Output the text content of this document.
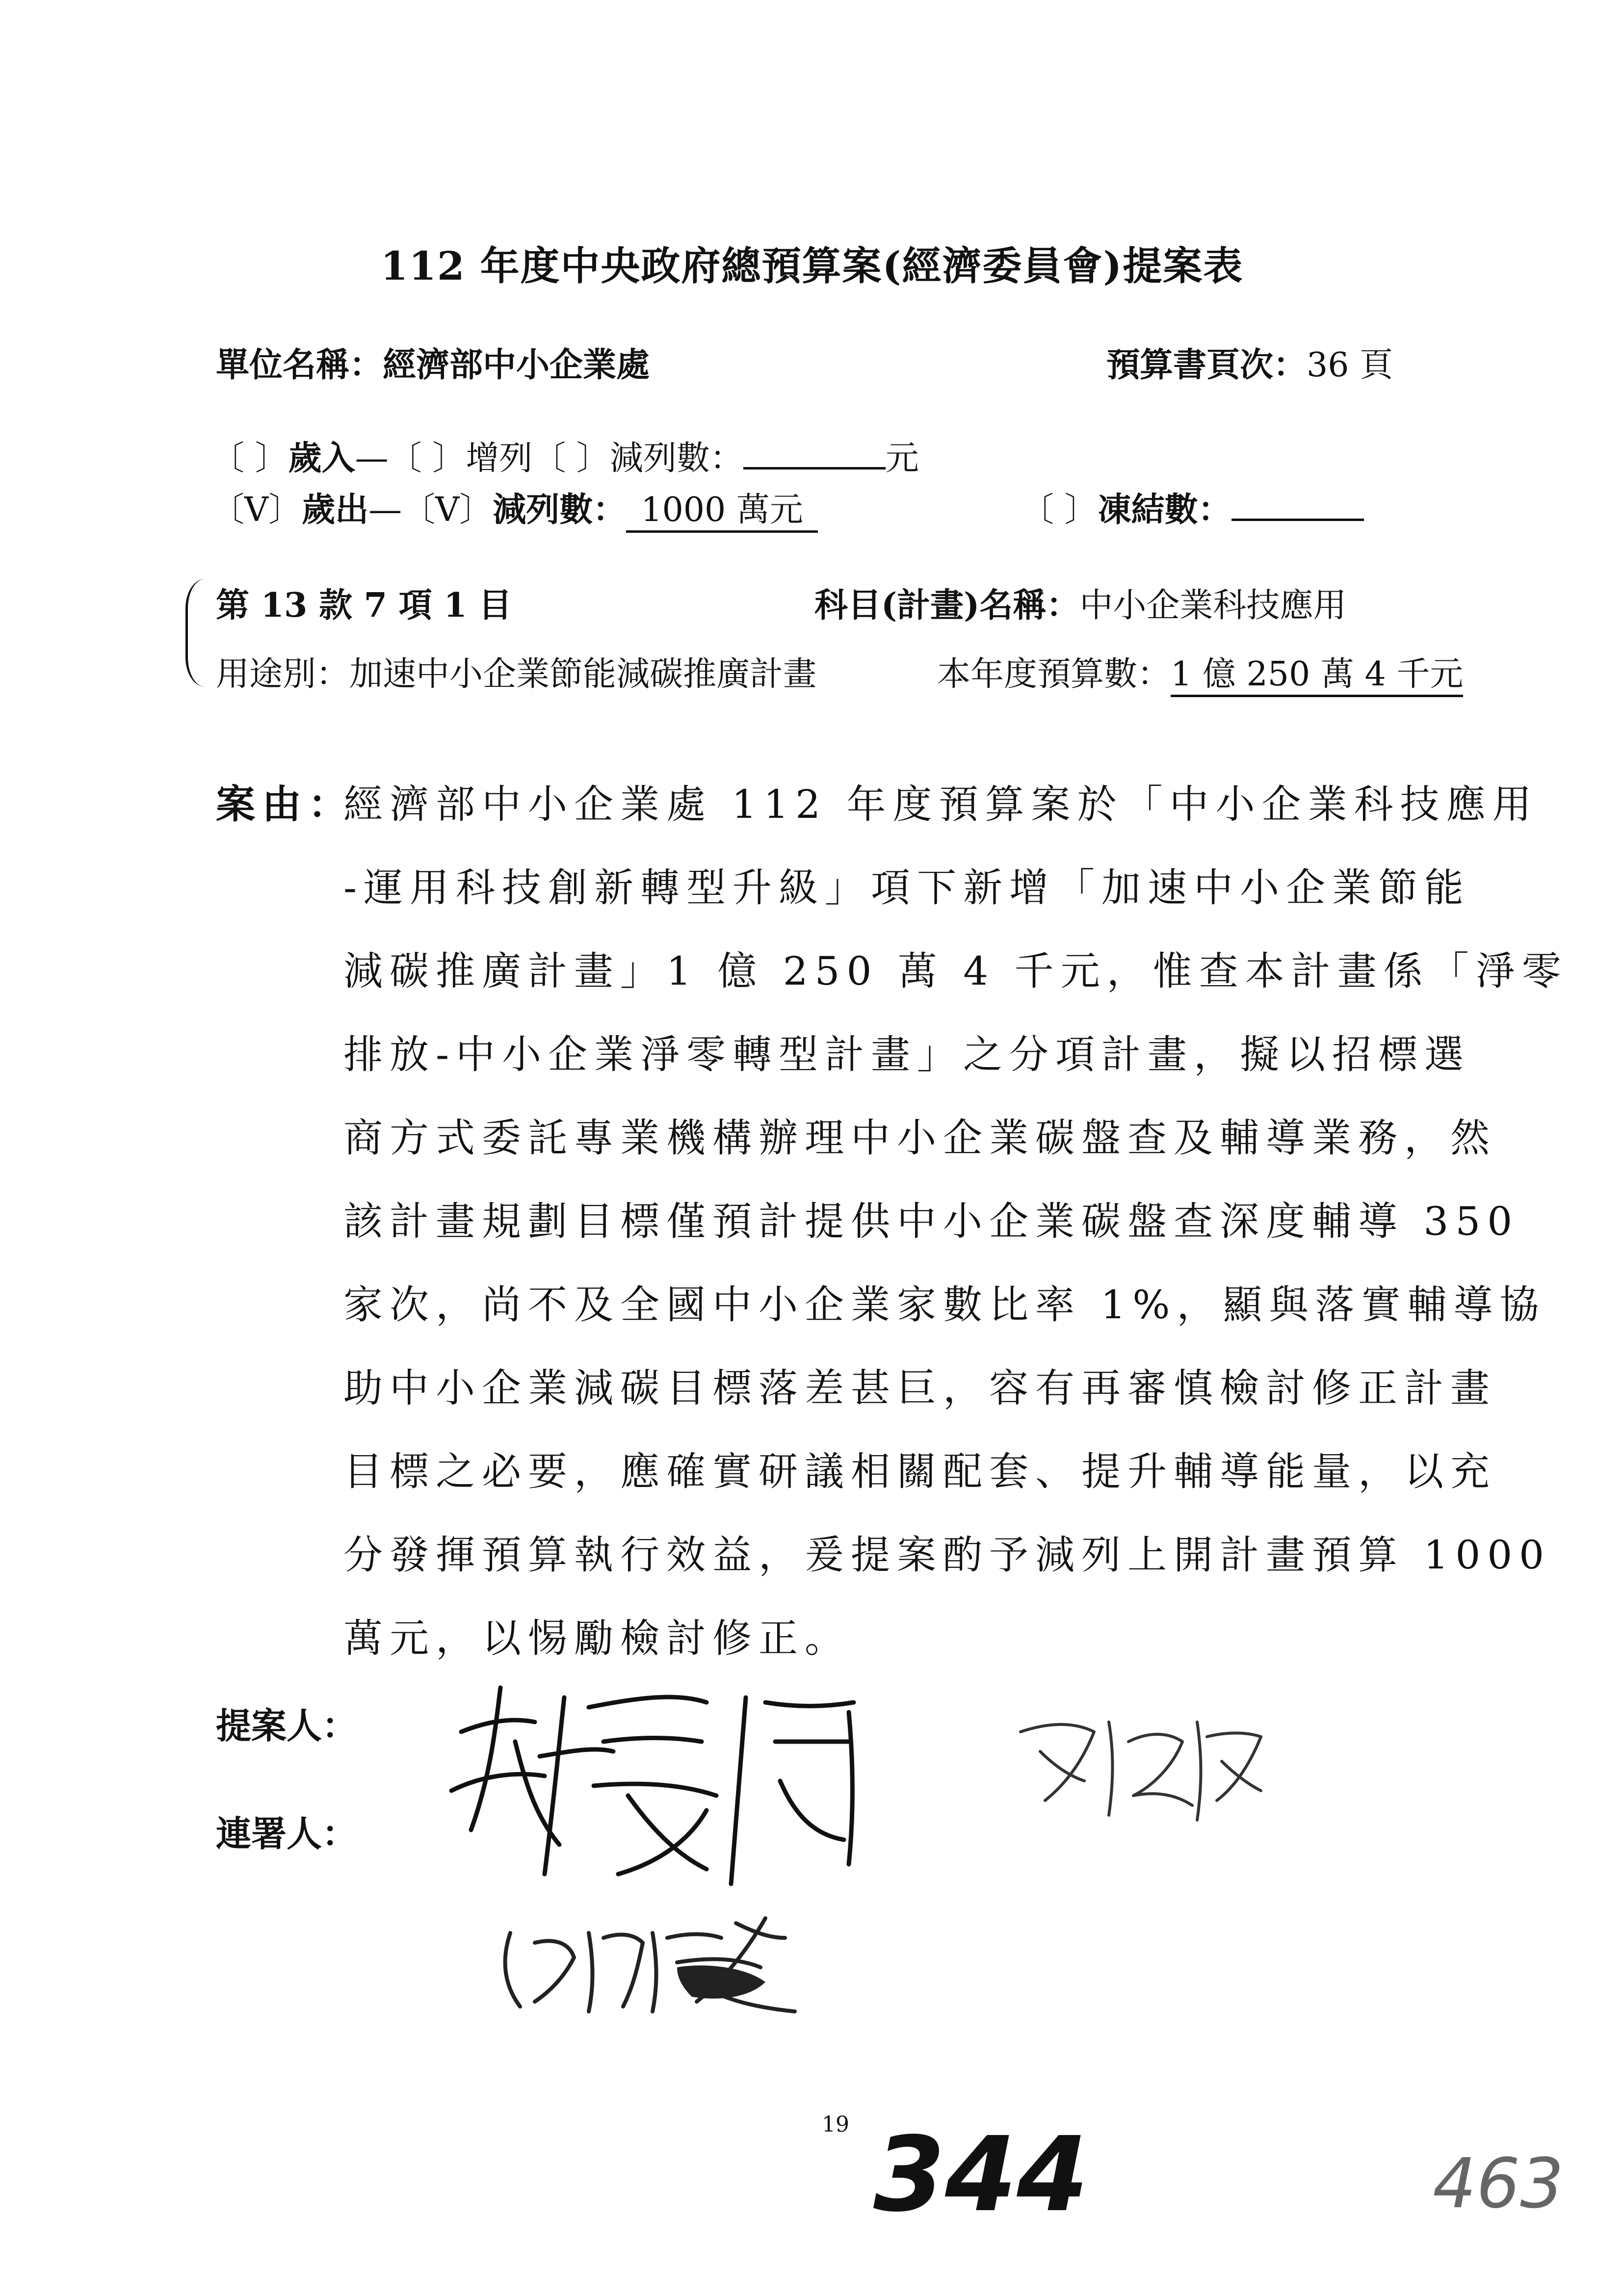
112 年度中央政府總預算案(經濟委員會)提案表
單位名稱：經濟部中小企業處	預算書頁次：36 頁
〔 〕歲入—〔 〕增列〔 〕減列數：	元
〔V〕歲出—〔V〕減列數： 1000 萬元	〔 〕凍結數：
第 13 款 7 項 1 目	科目(計畫)名稱：中小企業科技應用
用途別：加速中小企業節能減碳推廣計畫	本年度預算數：1 億 250 萬 4 千元
案由：
經濟部中小企業處 112 年度預算案於「中小企業科技應用
-運用科技創新轉型升級」項下新增「加速中小企業節能
減碳推廣計畫」1 億 250 萬 4 千元，惟查本計畫係「淨零
排放-中小企業淨零轉型計畫」之分項計畫，擬以招標選
商方式委託專業機構辦理中小企業碳盤查及輔導業務，然
該計畫規劃目標僅預計提供中小企業碳盤查深度輔導 350
家次，尚不及全國中小企業家數比率 1%，顯與落實輔導協
助中小企業減碳目標落差甚巨，容有再審慎檢討修正計畫
目標之必要，應確實研議相關配套、提升輔導能量，以充
分發揮預算執行效益，爰提案酌予減列上開計畫預算 1000
萬元，以惕勵檢討修正。
提案人：
連署人：
19 344	463
